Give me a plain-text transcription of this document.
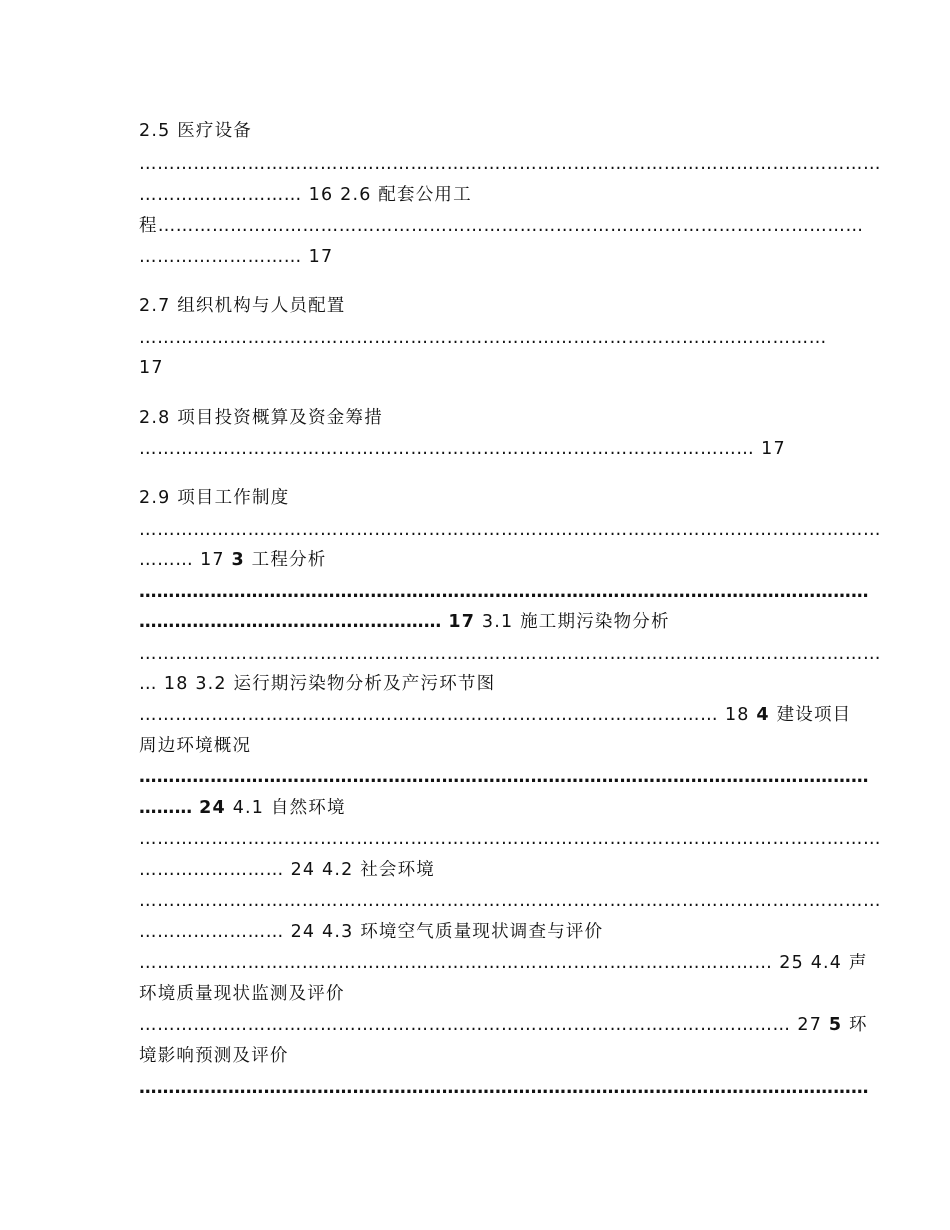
2.5 医疗设备
……………………………………………………………………………………………………………
……………………… 16 2.6 配套公用工
程………………………………………………………………………………………………………
……………………… 17
2.7 组织机构与人员配置
……………………………………………………………………………………………………
17
2.8 项目投资概算及资金筹措
………………………………………………………………………………………… 17
2.9 项目工作制度
……………………………………………………………………………………………………………
……… 17 3 工程分析
……………………………………………………………………………………………………………
…………………………………………… 17 3.1 施工期污染物分析
……………………………………………………………………………………………………………
… 18 3.2 运行期污染物分析及产污环节图
…………………………………………………………………………………… 18 4 建设项目
周边环境概况
……………………………………………………………………………………………………………
……… 24 4.1 自然环境
……………………………………………………………………………………………………………
…………………… 24 4.2 社会环境
……………………………………………………………………………………………………………
…………………… 24 4.3 环境空气质量现状调查与评价
…………………………………………………………………………………………… 25 4.4 声
环境质量现状监测及评价
……………………………………………………………………………………………… 27 5 环
境影响预测及评价
……………………………………………………………………………………………………………
